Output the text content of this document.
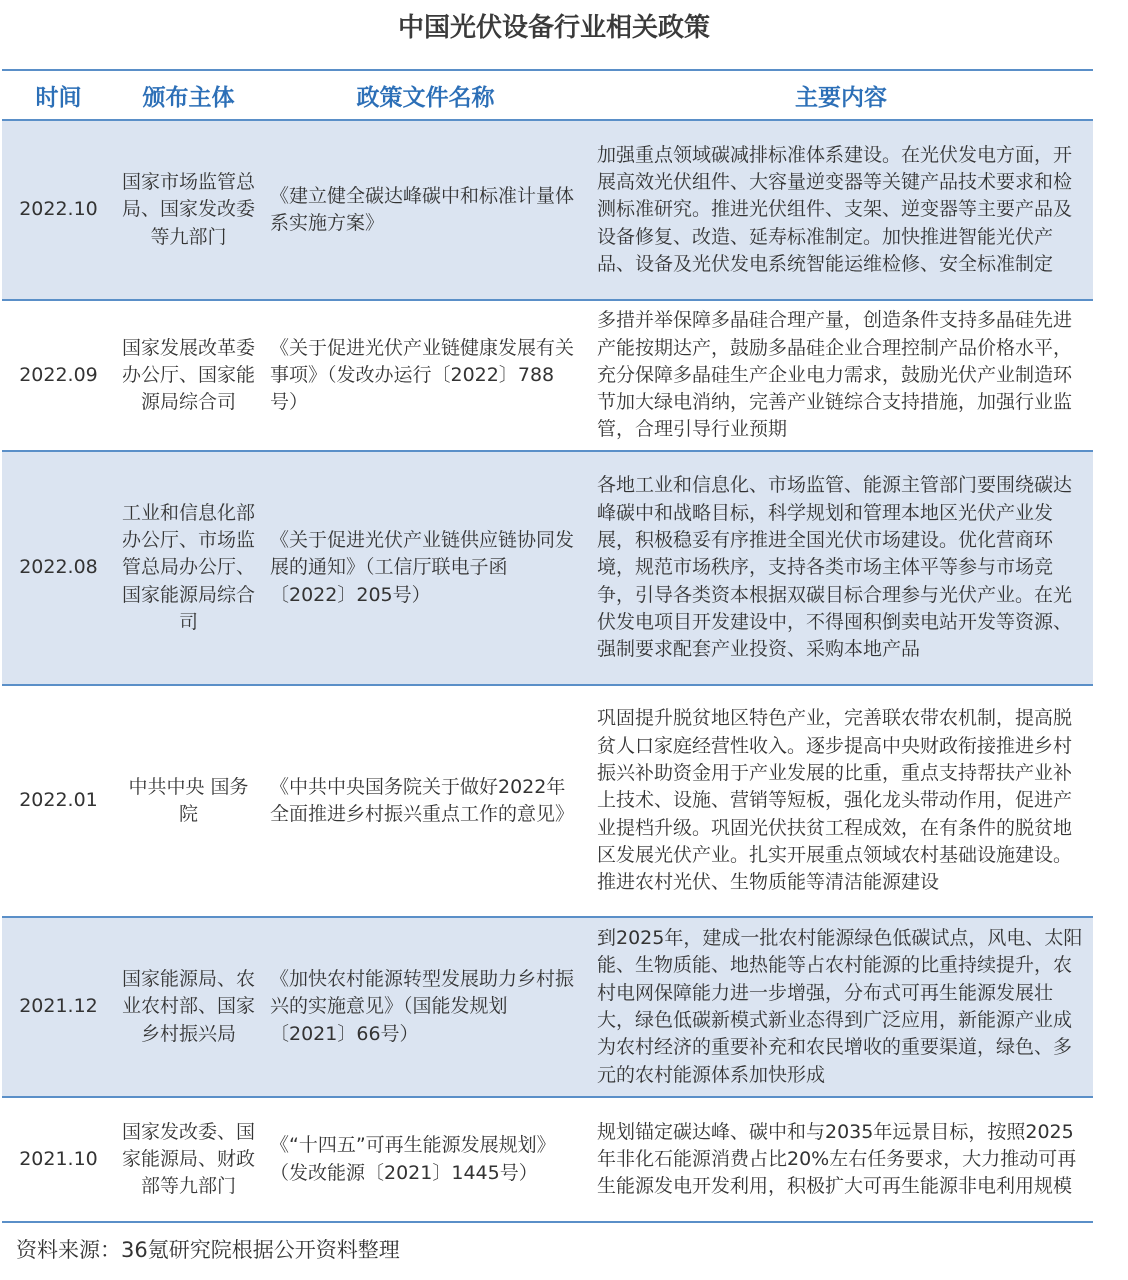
中国光伏设备行业相关政策
时间	颁布主体	政策文件名称	主要内容
2022.10	国家市场监管总局、国家发改委等九部门	《建立健全碳达峰碳中和标准计量体系实施方案》	加强重点领域碳减排标准体系建设。在光伏发电方面，开展高效光伏组件、大容量逆变器等关键产品技术要求和检测标准研究。推进光伏组件、支架、逆变器等主要产品及设备修复、改造、延寿标准制定。加快推进智能光伏产品、设备及光伏发电系统智能运维检修、安全标准制定
2022.09	国家发展改革委办公厅、国家能源局综合司	《关于促进光伏产业链健康发展有关事项》（发改办运行〔2022〕788号）	多措并举保障多晶硅合理产量，创造条件支持多晶硅先进产能按期达产，鼓励多晶硅企业合理控制产品价格水平，充分保障多晶硅生产企业电力需求，鼓励光伏产业制造环节加大绿电消纳，完善产业链综合支持措施，加强行业监管，合理引导行业预期
2022.08	工业和信息化部办公厅、市场监管总局办公厅、国家能源局综合司	《关于促进光伏产业链供应链协同发展的通知》（工信厅联电子函〔2022〕205号）	各地工业和信息化、市场监管、能源主管部门要围绕碳达峰碳中和战略目标，科学规划和管理本地区光伏产业发展，积极稳妥有序推进全国光伏市场建设。优化营商环境，规范市场秩序，支持各类市场主体平等参与市场竞争，引导各类资本根据双碳目标合理参与光伏产业。在光伏发电项目开发建设中，不得囤积倒卖电站开发等资源、强制要求配套产业投资、采购本地产品
2022.01	中共中央 国务院	《中共中央国务院关于做好2022年全面推进乡村振兴重点工作的意见》	巩固提升脱贫地区特色产业，完善联农带农机制，提高脱贫人口家庭经营性收入。逐步提高中央财政衔接推进乡村振兴补助资金用于产业发展的比重，重点支持帮扶产业补上技术、设施、营销等短板，强化龙头带动作用，促进产业提档升级。巩固光伏扶贫工程成效，在有条件的脱贫地区发展光伏产业。扎实开展重点领域农村基础设施建设。推进农村光伏、生物质能等清洁能源建设
2021.12	国家能源局、农业农村部、国家乡村振兴局	《加快农村能源转型发展助力乡村振兴的实施意见》（国能发规划〔2021〕66号）	到2025年，建成一批农村能源绿色低碳试点，风电、太阳能、生物质能、地热能等占农村能源的比重持续提升，农村电网保障能力进一步增强，分布式可再生能源发展壮大，绿色低碳新模式新业态得到广泛应用，新能源产业成为农村经济的重要补充和农民增收的重要渠道，绿色、多元的农村能源体系加快形成
2021.10	国家发改委、国家能源局、财政部等九部门	《“十四五”可再生能源发展规划》（发改能源〔2021〕1445号）	规划锚定碳达峰、碳中和与2035年远景目标，按照2025年非化石能源消费占比20%左右任务要求，大力推动可再生能源发电开发利用，积极扩大可再生能源非电利用规模
资料来源：36氪研究院根据公开资料整理
